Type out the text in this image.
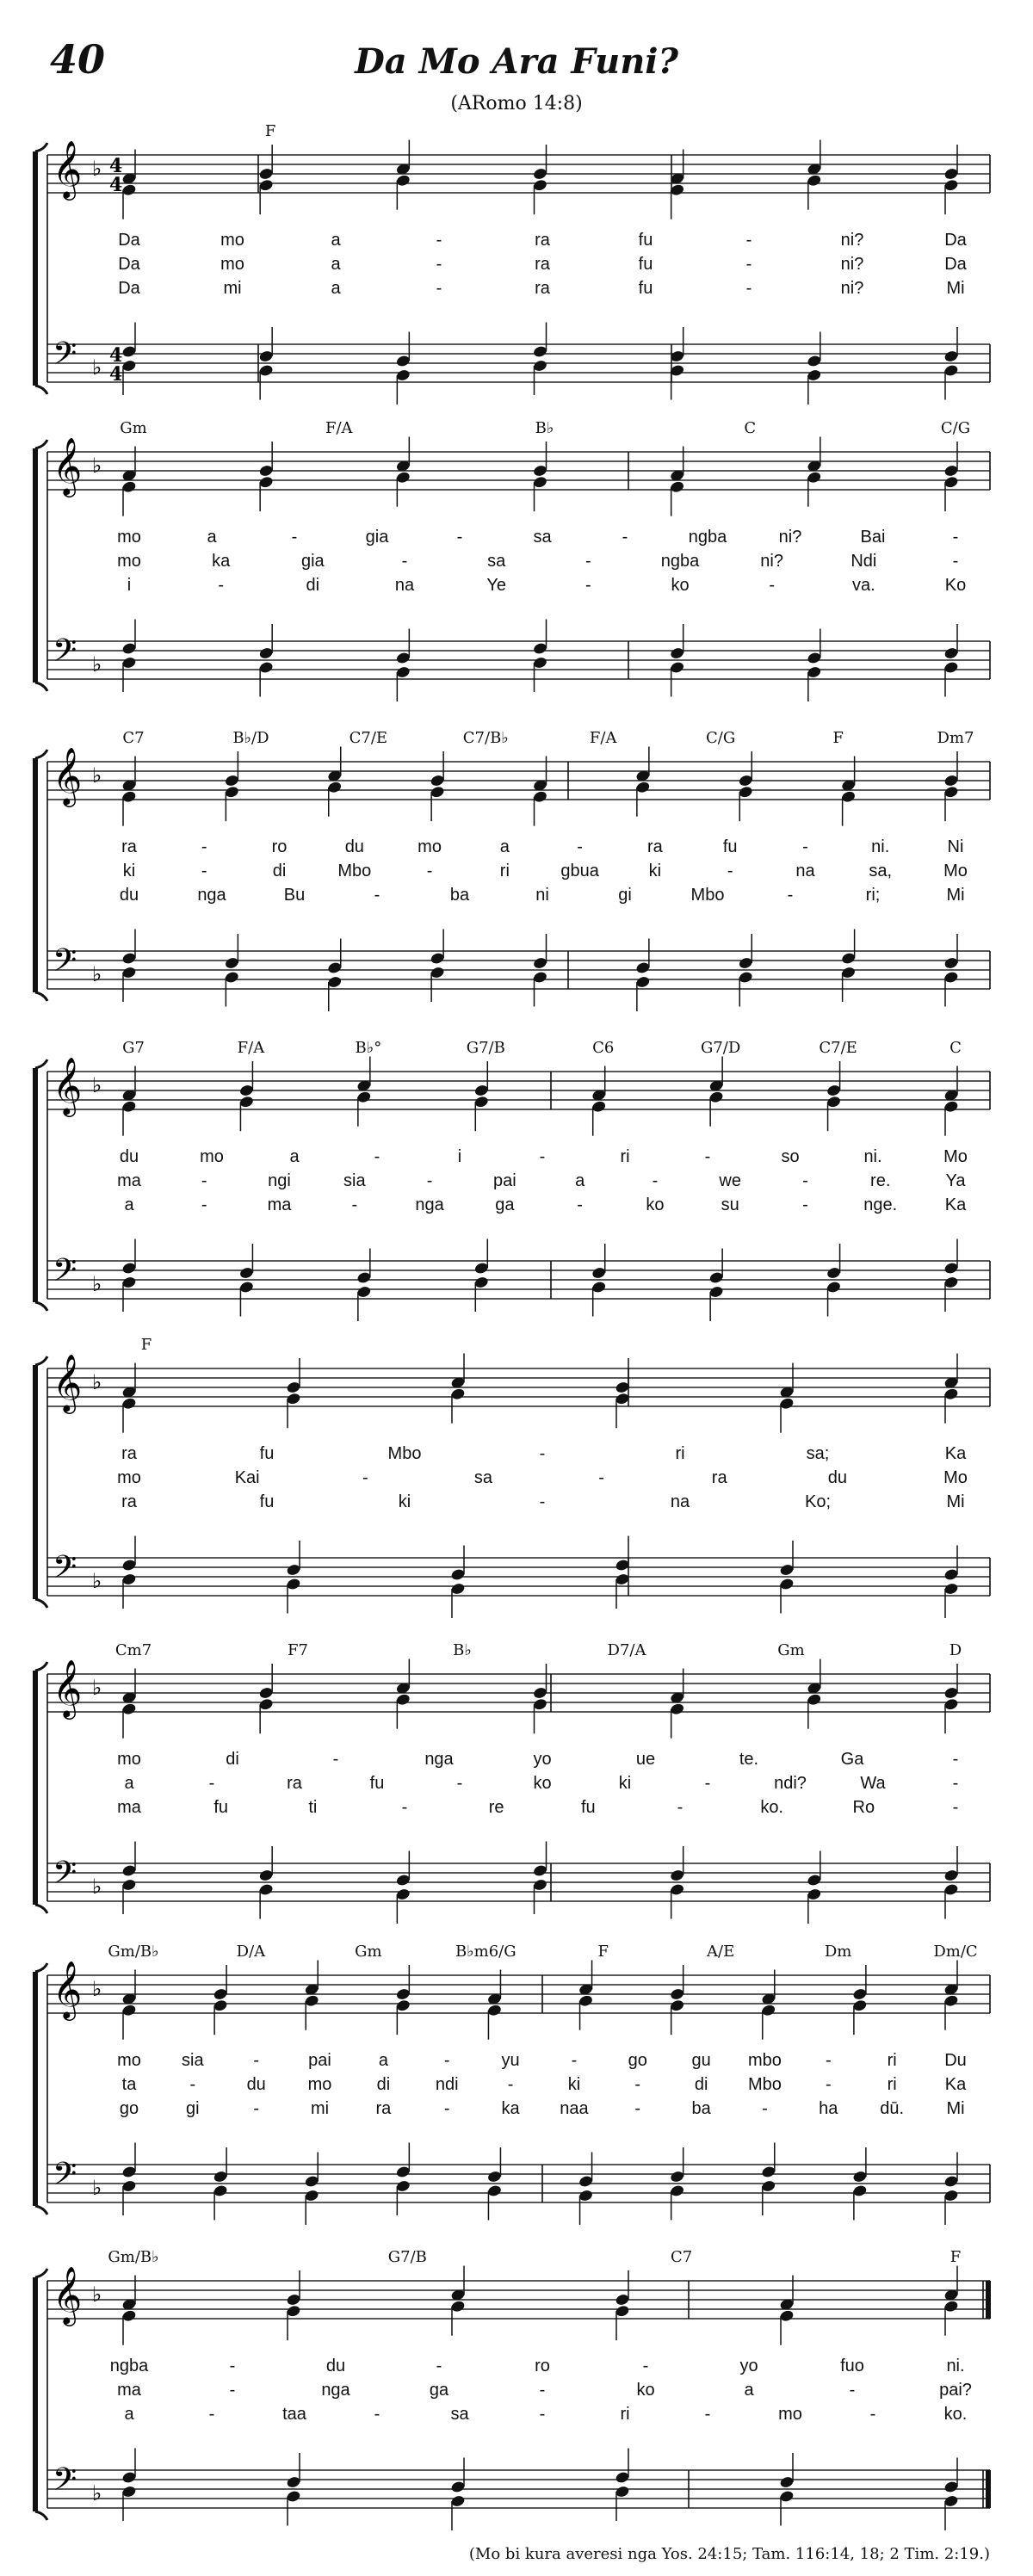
40	Da Mo Ara Funi?
(ARomo 14:8)
𝄞
𝄢
♭
♭
4
4
4
4
F
Da	mo	a	-	ra	fu	-	ni?	Da
Da	mo	a	-	ra	fu	-	ni?	Da
Da	mi	a	-	ra	fu	-	ni?	Mi
𝄞
𝄢
♭
♭
Gm	F/A	B♭	C	C/G
mo	a	-	gia	-	sa	-	ngba	ni?	Bai	-
mo	ka	gia	-	sa	-	ngba	ni?	Ndi	-
i	-	di	na	Ye	-	ko	-	va.	Ko
𝄞
𝄢
♭
♭
C7	B♭/D	C7/E	C7/B♭	F/A	C/G	F	Dm7
ra	-	ro	du	mo	a	-	ra	fu	-	ni.	Ni
ki	-	di	Mbo	-	ri	gbua	ki	-	na	sa,	Mo
du	nga	Bu	-	ba	ni	gi	Mbo	-	ri;	Mi
𝄞
𝄢
♭
♭
G7	F/A	B♭°	G7/B	C6	G7/D	C7/E	C
du	mo	a	-	i	-	ri	-	so	ni.	Mo
ma	-	ngi	sia	-	pai	a	-	we	-	re.	Ya
a	-	ma	-	nga	ga	-	ko	su	-	nge.	Ka
𝄞
𝄢
♭
♭
F
ra	fu	Mbo	-	ri	sa;	Ka
mo	Kai	-	sa	-	ra	du	Mo
ra	fu	ki	-	na	Ko;	Mi
𝄞
𝄢
♭
♭
Cm7	F7	B♭	D7/A	Gm	D
mo	di	-	nga	yo	ue	te.	Ga	-
a	-	ra	fu	-	ko	ki	-	ndi?	Wa	-
ma	fu	ti	-	re	fu	-	ko.	Ro	-
𝄞
𝄢
♭
♭
Gm/B♭	D/A	Gm	B♭m6/G	F	A/E	Dm	Dm/C
mo sia	-	pai	a	-	yu	-	go	gu mbo	-	ri	Du
ta	-	du mo	di	ndi	-	ki	-	di Mbo	-	ri	Ka
go	gi	-	mi	ra	-	ka naa	-	ba	-	ha dū. Mi
𝄞
𝄢
♭
♭
Gm/B♭	G7/B	C7	F
ngba	-	du	-	ro	-	yo	fuo	ni.
ma	-	nga	ga	-	ko	a	-	pai?
a	-	taa	-	sa	-	ri	-	mo	-	ko.
(Mo bi kura averesi nga Yos. 24:15; Tam. 116:14, 18; 2 Tim. 2:19.)
